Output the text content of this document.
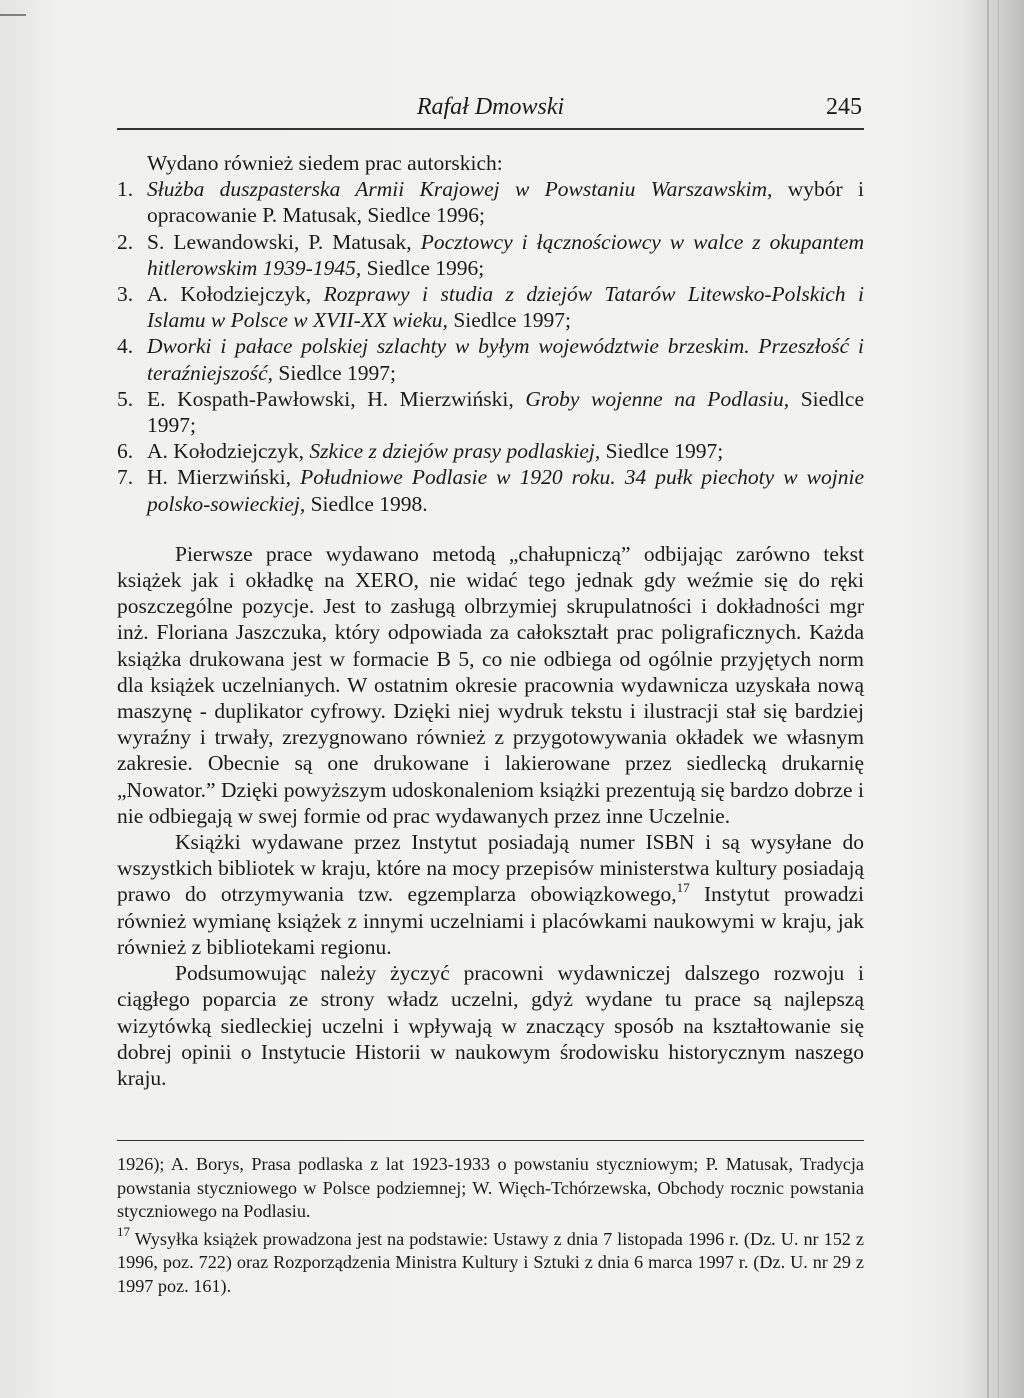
Rafał Dmowski	245

Wydano również siedem prac autorskich:

1. Służba duszpasterska Armii Krajowej w Powstaniu Warszawskim, wybór i opracowanie P. Matusak, Siedlce 1996;
2. S. Lewandowski, P. Matusak, Pocztowcy i łącznościowcy w walce z okupantem hitlerowskim 1939-1945, Siedlce 1996;
3. A. Kołodziejczyk, Rozprawy i studia z dziejów Tatarów Litewsko-Polskich i Islamu w Polsce w XVII-XX wieku, Siedlce 1997;
4. Dworki i pałace polskiej szlachty w byłym województwie brzeskim. Przeszłość i teraźniejszość, Siedlce 1997;
5. E. Kospath-Pawłowski, H. Mierzwiński, Groby wojenne na Podlasiu, Siedlce 1997;
6. A. Kołodziejczyk, Szkice z dziejów prasy podlaskiej, Siedlce 1997;
7. H. Mierzwiński, Południowe Podlasie w 1920 roku. 34 pułk piechoty w wojnie polsko-sowieckiej, Siedlce 1998.

Pierwsze prace wydawano metodą „chałupniczą” odbijając zarówno tekst książek jak i okładkę na XERO, nie widać tego jednak gdy weźmie się do ręki poszczególne pozycje. Jest to zasługą olbrzymiej skrupulatności i dokładności mgr inż. Floriana Jaszczuka, który odpowiada za całokształt prac poligraficznych. Każda książka drukowana jest w formacie B 5, co nie odbiega od ogólnie przyjętych norm dla książek uczelnianych. W ostatnim okresie pracownia wydawnicza uzyskała nową maszynę - duplikator cyfrowy. Dzięki niej wydruk tekstu i ilustracji stał się bardziej wyraźny i trwały, zrezygnowano również z przygotowywania okładek we własnym zakresie. Obecnie są one drukowane i lakierowane przez siedlecką drukarnię „Nowator.” Dzięki powyższym udoskonaleniom książki prezentują się bardzo dobrze i nie odbiegają w swej formie od prac wydawanych przez inne Uczelnie.

Książki wydawane przez Instytut posiadają numer ISBN i są wysyłane do wszystkich bibliotek w kraju, które na mocy przepisów ministerstwa kultury posiadają prawo do otrzymywania tzw. egzemplarza obowiązkowego,$^{17}$ Instytut prowadzi również wymianę książek z innymi uczelniami i placówkami naukowymi w kraju, jak również z bibliotekami regionu.

Podsumowując należy życzyć pracowni wydawniczej dalszego rozwoju i ciągłego poparcia ze strony władz uczelni, gdyż wydane tu prace są najlepszą wizytówką siedleckiej uczelni i wpływają w znaczący sposób na kształtowanie się dobrej opinii o Instytucie Historii w naukowym środowisku historycznym naszego kraju.

1926); A. Borys, Prasa podlaska z lat 1923-1933 o powstaniu styczniowym; P. Matusak, Tradycja powstania styczniowego w Polsce podziemnej; W. Więch-Tchórzewska, Obchody rocznic powstania styczniowego na Podlasiu.

$^{17}$ Wysyłka książek prowadzona jest na podstawie: Ustawy z dnia 7 listopada 1996 r. (Dz. U. nr 152 z 1996, poz. 722) oraz Rozporządzenia Ministra Kultury i Sztuki z dnia 6 marca 1997 r. (Dz. U. nr 29 z 1997 poz. 161).
